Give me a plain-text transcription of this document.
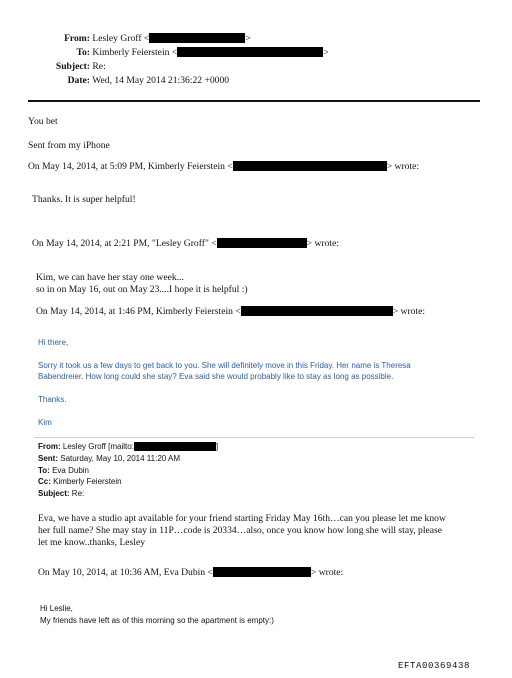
From: Lesley Groff <	>
To: Kimberly Feierstein <	>
Subject: Re:
Date: Wed, 14 May 2014 21:36:22 +0000
You bet
Sent from my iPhone
On May 14, 2014, at 5:09 PM, Kimberly Feierstein <	> wrote:
Thanks. It is super helpful!
On May 14, 2014, at 2:21 PM, "Lesley Groff" <	> wrote:
Kim, we can have her stay one week...
so in on May 16, out on May 23....I hope it is helpful :)
On May 14, 2014, at 1:46 PM, Kimberly Feierstein <	> wrote:
Hi there,
Sorry it took us a few days to get back to you. She will definitely move in this Friday. Her name is Theresa
Babendreier. How long could she stay? Eva said she would probably like to stay as long as possible.
Thanks.
Kim
From: Lesley Groff [mailto:	]
Sent: Saturday, May 10, 2014 11:20 AM
To: Eva Dubin
Cc: Kimberly Feierstein
Subject: Re:
Eva, we have a studio apt available for your friend starting Friday May 16th…can you please let me know
her full name? She may stay in 11P…code is 20334…also, once you know how long she will stay, please
let me know..thanks, Lesley
On May 10, 2014, at 10:36 AM, Eva Dubin <	> wrote:
Hi Leslie,
My friends have left as of this morning so the apartment is empty:)
EFTA00369438
